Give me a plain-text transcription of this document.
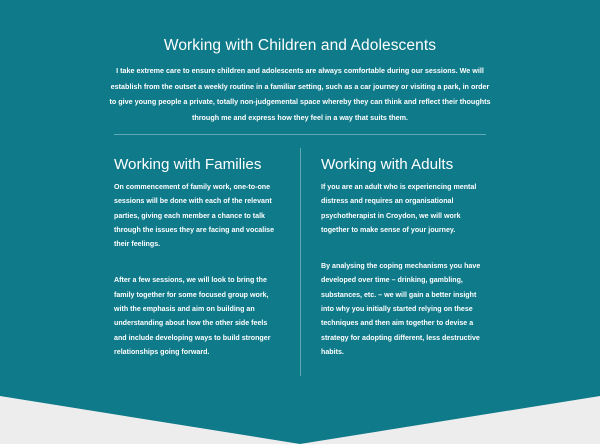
Working with Children and Adolescents

I take extreme care to ensure children and adolescents are always comfortable during our sessions. We will establish from the outset a weekly routine in a familiar setting, such as a car journey or visiting a park, in order to give young people a private, totally non-judgemental space whereby they can think and reflect their thoughts through me and express how they feel in a way that suits them.

Working with Families

On commencement of family work, one-to-one sessions will be done with each of the relevant parties, giving each member a chance to talk through the issues they are facing and vocalise their feelings.

After a few sessions, we will look to bring the family together for some focused group work, with the emphasis and aim on building an understanding about how the other side feels and include developing ways to build stronger relationships going forward.

Working with Adults

If you are an adult who is experiencing mental distress and requires an organisational psychotherapist in Croydon, we will work together to make sense of your journey.

By analysing the coping mechanisms you have developed over time – drinking, gambling, substances, etc. – we will gain a better insight into why you initially started relying on these techniques and then aim together to devise a strategy for adopting different, less destructive habits.
